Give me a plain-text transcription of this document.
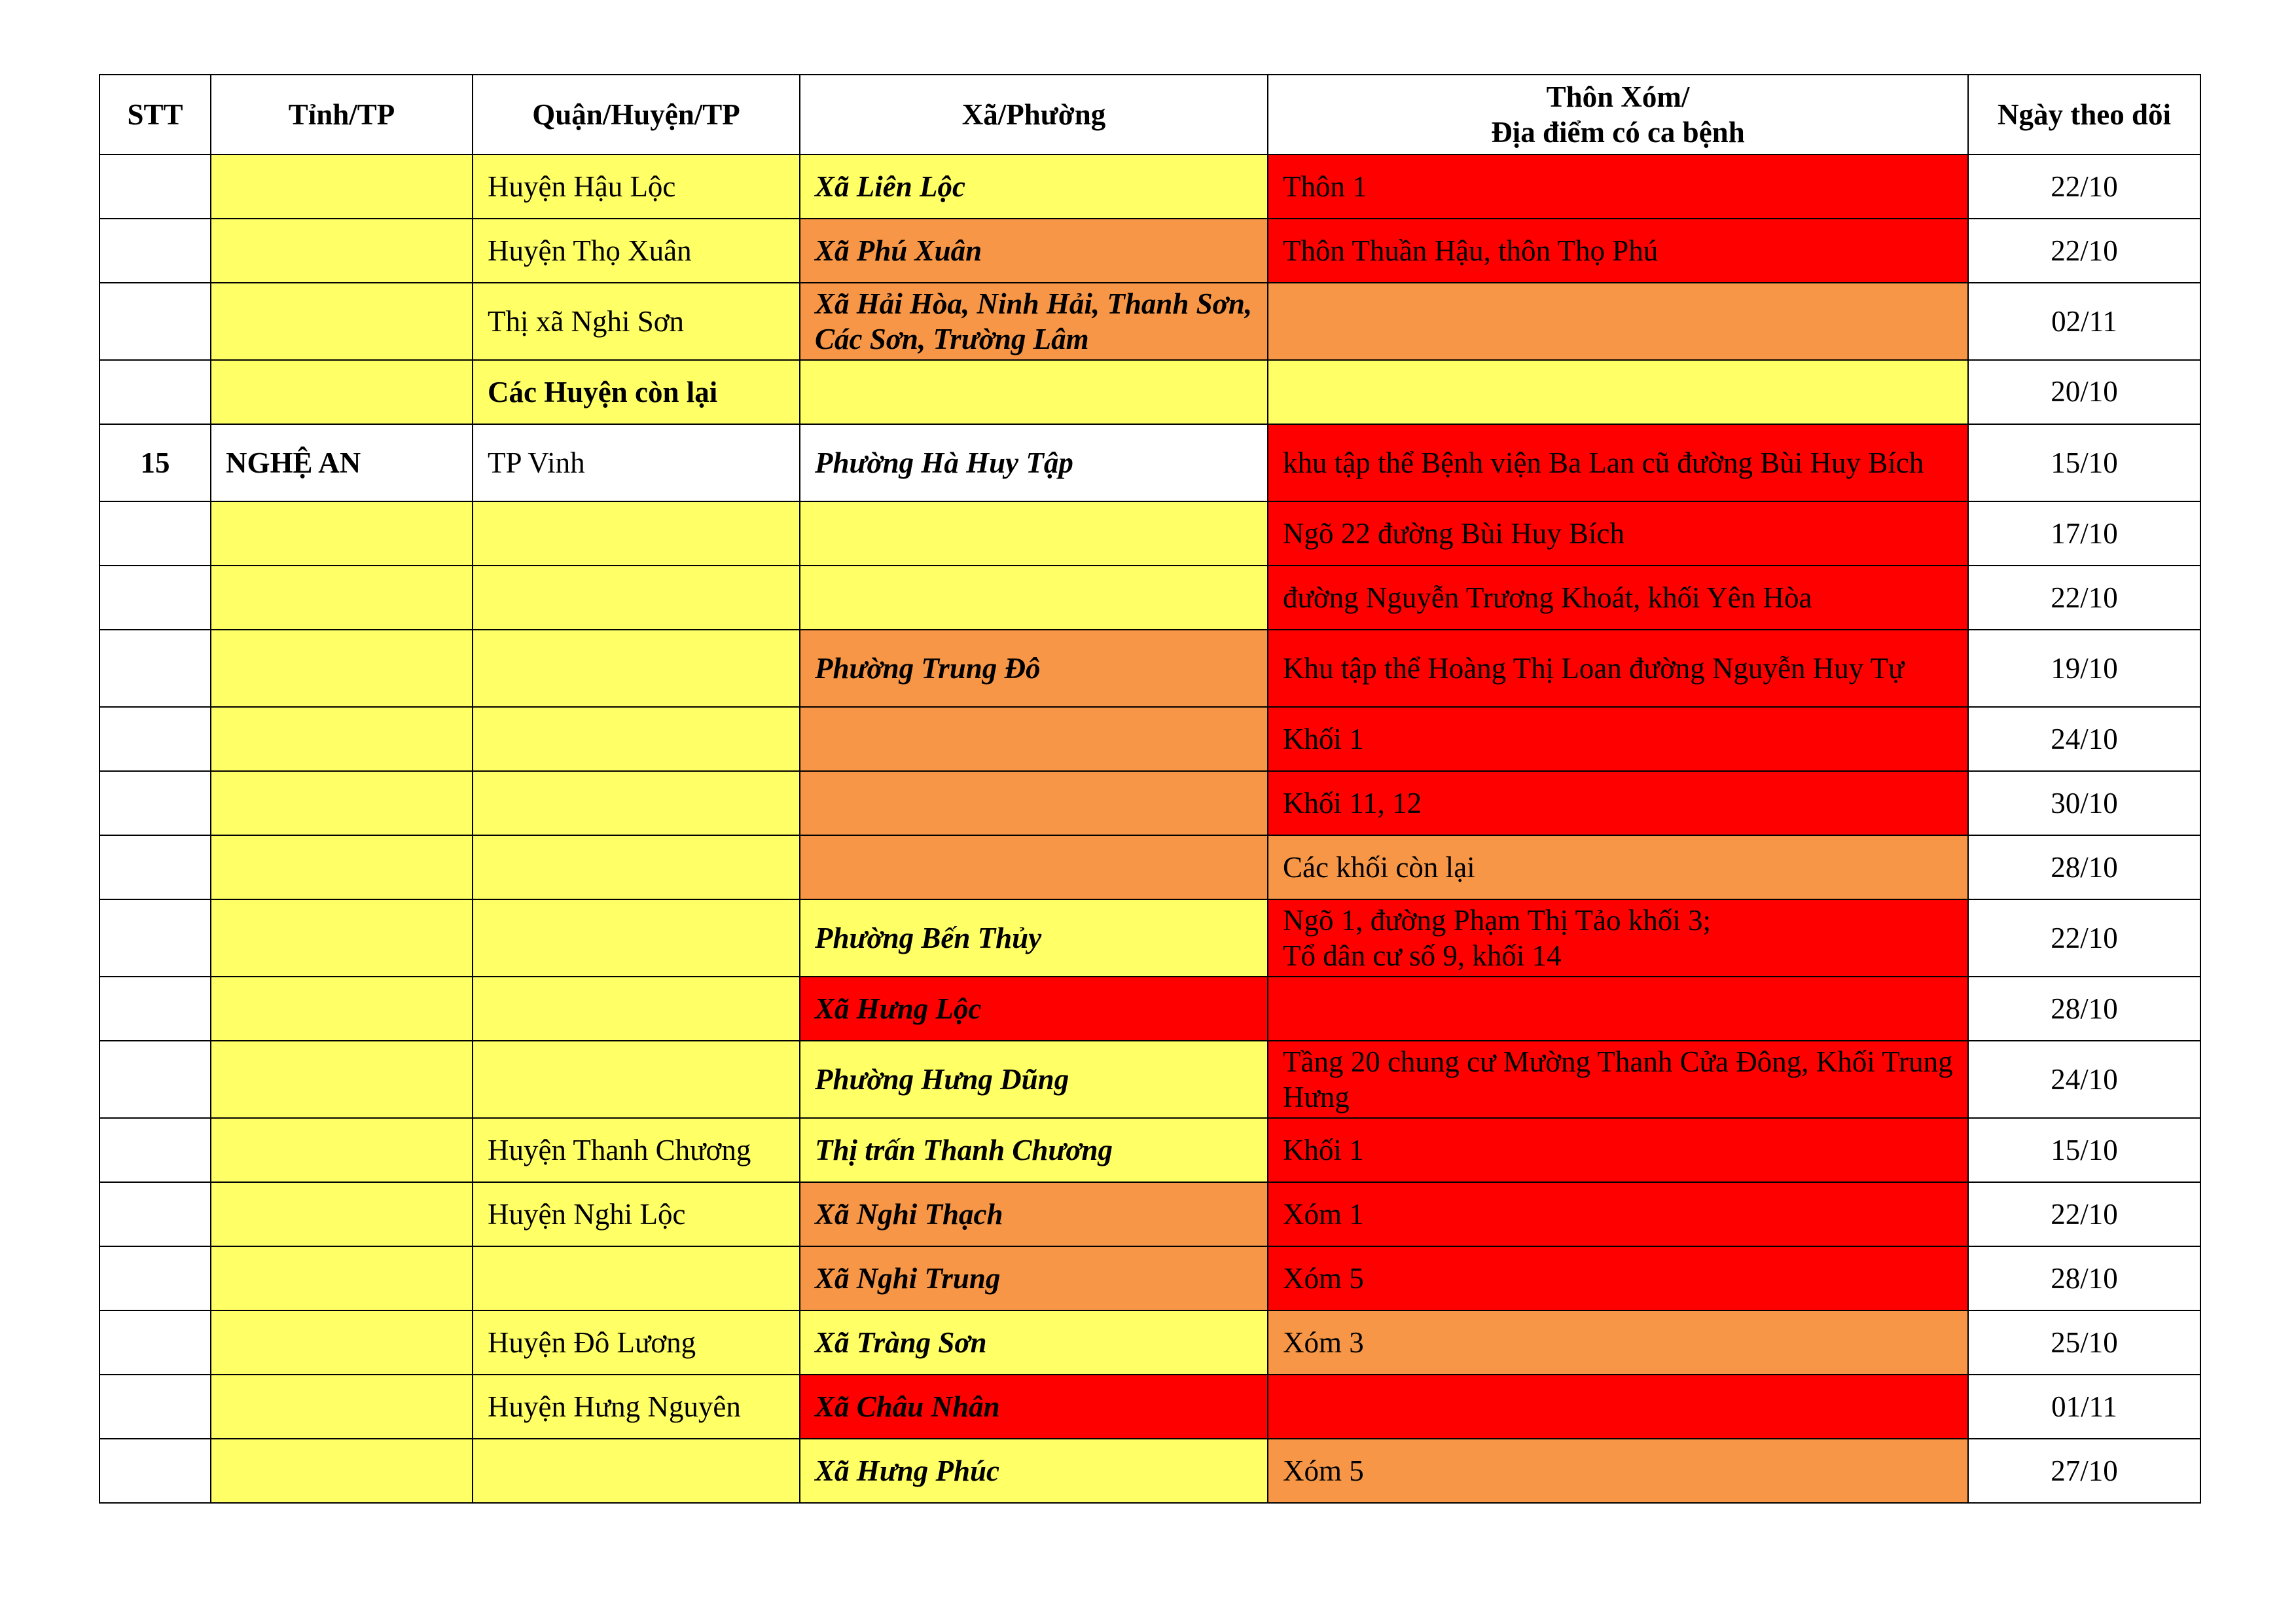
STT	Tỉnh/TP	Quận/Huyện/TP	Xã/Phường	Thôn Xóm/
Địa điểm có ca bệnh	Ngày theo dõi
		Huyện Hậu Lộc	Xã Liên Lộc	Thôn 1	22/10
		Huyện Thọ Xuân	Xã Phú Xuân	Thôn Thuần Hậu, thôn Thọ Phú	22/10
		Thị xã Nghi Sơn	Xã Hải Hòa, Ninh Hải, Thanh Sơn, Các Sơn, Trường Lâm		02/11
		Các Huyện còn lại			20/10
15	NGHỆ AN	TP Vinh	Phường Hà Huy Tập	khu tập thể Bệnh viện Ba Lan cũ đường Bùi Huy Bích	15/10
				Ngõ 22 đường Bùi Huy Bích	17/10
				đường Nguyễn Trương Khoát, khối Yên Hòa	22/10
			Phường Trung Đô	Khu tập thể Hoàng Thị Loan đường Nguyễn Huy Tự	19/10
				Khối 1	24/10
				Khối 11, 12	30/10
				Các khối còn lại	28/10
			Phường Bến Thủy	Ngõ 1, đường Phạm Thị Tảo khối 3;
Tổ dân cư số 9, khối 14	22/10
			Xã Hưng Lộc		28/10
			Phường Hưng Dũng	Tầng 20 chung cư Mường Thanh Cửa Đông, Khối Trung Hưng	24/10
		Huyện Thanh Chương	Thị trấn Thanh Chương	Khối 1	15/10
		Huyện Nghi Lộc	Xã Nghi Thạch	Xóm 1	22/10
			Xã Nghi Trung	Xóm 5	28/10
		Huyện Đô Lương	Xã Tràng Sơn	Xóm 3	25/10
		Huyện Hưng Nguyên	Xã Châu Nhân		01/11
			Xã Hưng Phúc	Xóm 5	27/10
